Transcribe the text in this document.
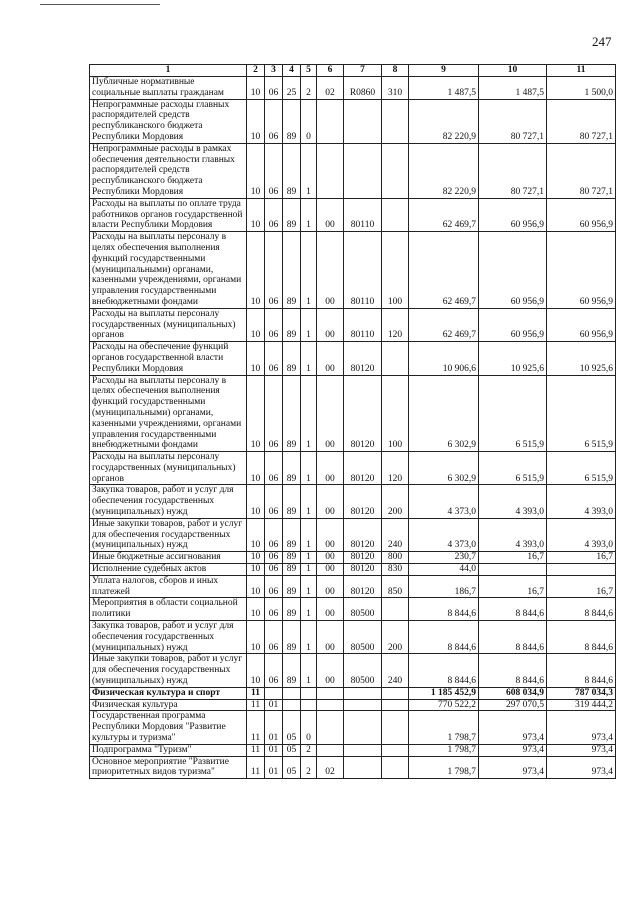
247
1	2	3	4	5	6	7	8	9	10	11
Публичные нормативные социальные выплаты гражданам	10	06	25	2	02	R0860	310	1 487,5	1 487,5	1 500,0
Непрограммные расходы главных распорядителей средств республиканского бюджета Республики Мордовия	10	06	89	0				82 220,9	80 727,1	80 727,1
Непрограммные расходы в рамках обеспечения деятельности главных распорядителей средств республиканского бюджета Республики Мордовия	10	06	89	1				82 220,9	80 727,1	80 727,1
Расходы на выплаты по оплате труда работников органов государственной власти Республики Мордовия	10	06	89	1	00	80110		62 469,7	60 956,9	60 956,9
Расходы на выплаты персоналу в целях обеспечения выполнения функций государственными (муниципальными) органами, казенными учреждениями, органами управления государственными внебюджетными фондами	10	06	89	1	00	80110	100	62 469,7	60 956,9	60 956,9
Расходы на выплаты персоналу государственных (муниципальных) органов	10	06	89	1	00	80110	120	62 469,7	60 956,9	60 956,9
Расходы на обеспечение функций органов государственной власти Республики Мордовия	10	06	89	1	00	80120		10 906,6	10 925,6	10 925,6
Расходы на выплаты персоналу в целях обеспечения выполнения функций государственными (муниципальными) органами, казенными учреждениями, органами управления государственными внебюджетными фондами	10	06	89	1	00	80120	100	6 302,9	6 515,9	6 515,9
Расходы на выплаты персоналу государственных (муниципальных) органов	10	06	89	1	00	80120	120	6 302,9	6 515,9	6 515,9
Закупка товаров, работ и услуг для обеспечения государственных (муниципальных) нужд	10	06	89	1	00	80120	200	4 373,0	4 393,0	4 393,0
Иные закупки товаров, работ и услуг для обеспечения государственных (муниципальных) нужд	10	06	89	1	00	80120	240	4 373,0	4 393,0	4 393,0
Иные бюджетные ассигнования	10	06	89	1	00	80120	800	230,7	16,7	16,7
Исполнение судебных актов	10	06	89	1	00	80120	830	44,0		
Уплата налогов, сборов и иных платежей	10	06	89	1	00	80120	850	186,7	16,7	16,7
Мероприятия в области социальной политики	10	06	89	1	00	80500		8 844,6	8 844,6	8 844,6
Закупка товаров, работ и услуг для обеспечения государственных (муниципальных) нужд	10	06	89	1	00	80500	200	8 844,6	8 844,6	8 844,6
Иные закупки товаров, работ и услуг для обеспечения государственных (муниципальных) нужд	10	06	89	1	00	80500	240	8 844,6	8 844,6	8 844,6
Физическая культура и спорт	11							1 185 452,9	608 034,9	787 034,3
Физическая культура	11	01						770 522,2	297 070,5	319 444,2
Государственная программа Республики Мордовия "Развитие культуры и туризма"	11	01	05	0				1 798,7	973,4	973,4
Подпрограмма "Туризм"	11	01	05	2				1 798,7	973,4	973,4
Основное мероприятие "Развитие приоритетных видов туризма"	11	01	05	2	02			1 798,7	973,4	973,4
